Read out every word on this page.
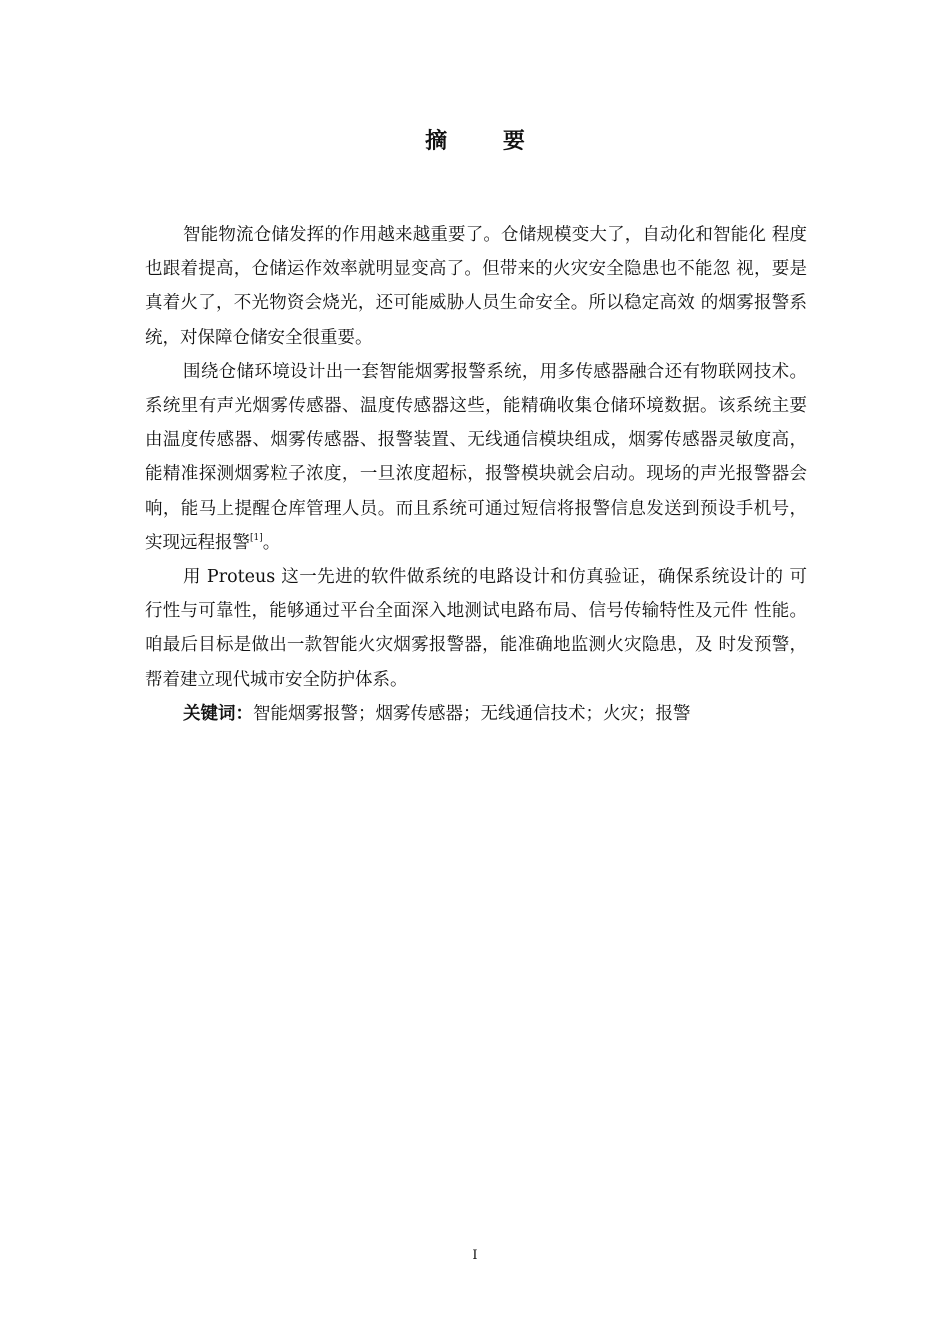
摘 要

智能物流仓储发挥的作用越来越重要了。仓储规模变大了，自动化和智能化 程度也跟着提高，仓储运作效率就明显变高了。但带来的火灾安全隐患也不能忽 视，要是真着火了，不光物资会烧光，还可能威胁人员生命安全。所以稳定高效 的烟雾报警系统，对保障仓储安全很重要。

围绕仓储环境设计出一套智能烟雾报警系统，用多传感器融合还有物联网技术。系统里有声光烟雾传感器、温度传感器这些，能精确收集仓储环境数据。该系统主要由温度传感器、烟雾传感器、报警装置、无线通信模块组成，烟雾传感器灵敏度高，能精准探测烟雾粒子浓度，一旦浓度超标，报警模块就会启动。现场的声光报警器会响，能马上提醒仓库管理人员。而且系统可通过短信将报警信息发送到预设手机号，实现远程报警[1]。

用 Proteus 这一先进的软件做系统的电路设计和仿真验证，确保系统设计的 可行性与可靠性，能够通过平台全面深入地测试电路布局、信号传输特性及元件 性能。咱最后目标是做出一款智能火灾烟雾报警器，能准确地监测火灾隐患，及 时发预警，帮着建立现代城市安全防护体系。

关键词：智能烟雾报警；烟雾传感器；无线通信技术；火灾；报警

I
